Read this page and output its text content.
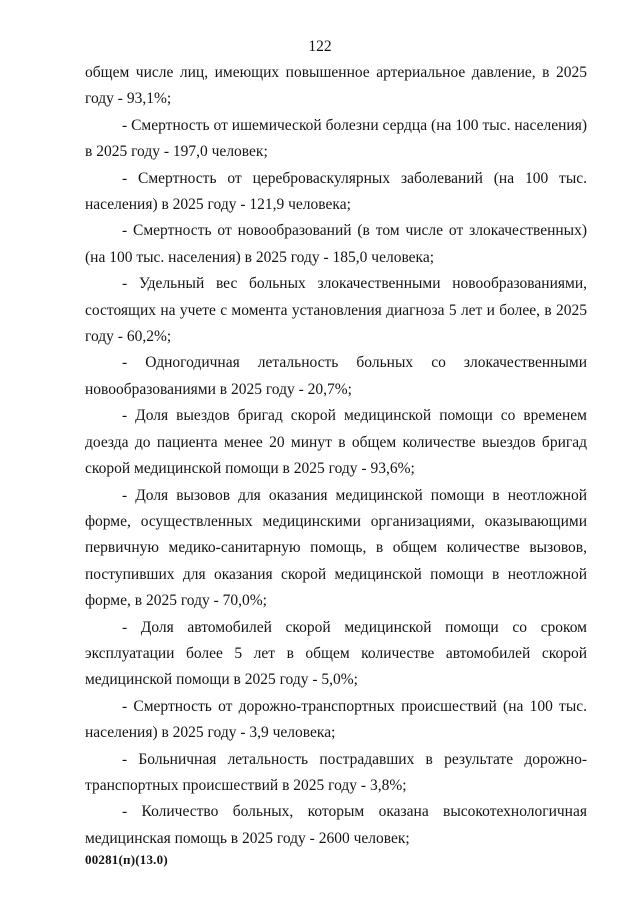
122

общем числе лиц, имеющих повышенное артериальное давление, в 2025 году - 93,1%;

- Смертность от ишемической болезни сердца (на 100 тыс. населения) в 2025 году - 197,0 человек;

- Смертность от цереброваскулярных заболеваний (на 100 тыс. населения) в 2025 году - 121,9 человека;

- Смертность от новообразований (в том числе от злокачественных) (на 100 тыс. населения) в 2025 году - 185,0 человека;

- Удельный вес больных злокачественными новообразованиями, состоящих на учете с момента установления диагноза 5 лет и более, в 2025 году - 60,2%;

- Одногодичная летальность больных со злокачественными новообразованиями в 2025 году - 20,7%;

- Доля выездов бригад скорой медицинской помощи со временем доезда до пациента менее 20 минут в общем количестве выездов бригад скорой медицинской помощи в 2025 году - 93,6%;

- Доля вызовов для оказания медицинской помощи в неотложной форме, осуществленных медицинскими организациями, оказывающими первичную медико-санитарную помощь, в общем количестве вызовов, поступивших для оказания скорой медицинской помощи в неотложной форме, в 2025 году - 70,0%;

- Доля автомобилей скорой медицинской помощи со сроком эксплуатации более 5 лет в общем количестве автомобилей скорой медицинской помощи в 2025 году - 5,0%;

- Смертность от дорожно-транспортных происшествий (на 100 тыс. населения) в 2025 году - 3,9 человека;

- Больничная летальность пострадавших в результате дорожно-транспортных происшествий в 2025 году - 3,8%;

- Количество больных, которым оказана высокотехнологичная медицинская помощь в 2025 году - 2600 человек;

00281(п)(13.0)
